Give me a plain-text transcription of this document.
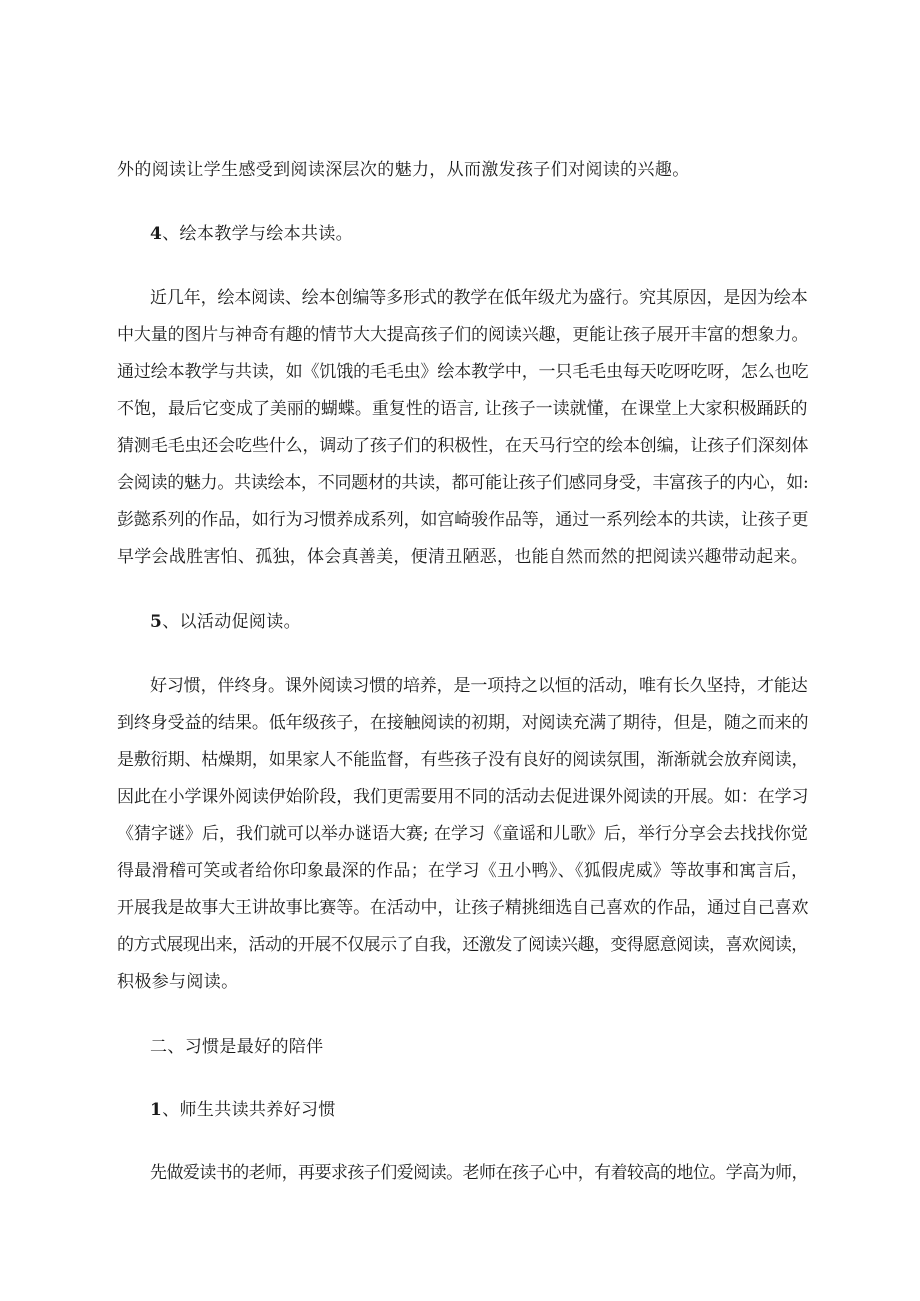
外的阅读让学生感受到阅读深层次的魅力，从而激发孩子们对阅读的兴趣。
4、绘本教学与绘本共读。
近几年，绘本阅读、绘本创编等多形式的教学在低年级尤为盛行。究其原因，是因为绘本
中大量的图片与神奇有趣的情节大大提高孩子们的阅读兴趣，更能让孩子展开丰富的想象力。
通过绘本教学与共读，如《饥饿的毛毛虫》绘本教学中，一只毛毛虫每天吃呀吃呀，怎么也吃
不饱，最后它变成了美丽的蝴蝶。重复性的语言, 让孩子一读就懂，在课堂上大家积极踊跃的
猜测毛毛虫还会吃些什么，调动了孩子们的积极性，在天马行空的绘本创编，让孩子们深刻体
会阅读的魅力。共读绘本，不同题材的共读，都可能让孩子们感同身受，丰富孩子的内心，如:
彭懿系列的作品，如行为习惯养成系列，如宫崎骏作品等，通过一系列绘本的共读，让孩子更
早学会战胜害怕、孤独，体会真善美，便清丑陋恶，也能自然而然的把阅读兴趣带动起来。
5、以活动促阅读。
好习惯，伴终身。课外阅读习惯的培养，是一项持之以恒的活动，唯有长久坚持，才能达
到终身受益的结果。低年级孩子，在接触阅读的初期，对阅读充满了期待，但是，随之而来的
是敷衍期、枯燥期，如果家人不能监督，有些孩子没有良好的阅读氛围，渐渐就会放弃阅读，
因此在小学课外阅读伊始阶段，我们更需要用不同的活动去促进课外阅读的开展。如：在学习
《猜字谜》后，我们就可以举办谜语大赛; 在学习《童谣和儿歌》后，举行分享会去找找你觉
得最滑稽可笑或者给你印象最深的作品；在学习《丑小鸭》、《狐假虎威》等故事和寓言后，
开展我是故事大王讲故事比赛等。在活动中，让孩子精挑细选自己喜欢的作品，通过自己喜欢
的方式展现出来，活动的开展不仅展示了自我，还激发了阅读兴趣，变得愿意阅读，喜欢阅读，
积极参与阅读。
二、习惯是最好的陪伴
1、师生共读共养好习惯
先做爱读书的老师，再要求孩子们爱阅读。老师在孩子心中，有着较高的地位。学高为师，
